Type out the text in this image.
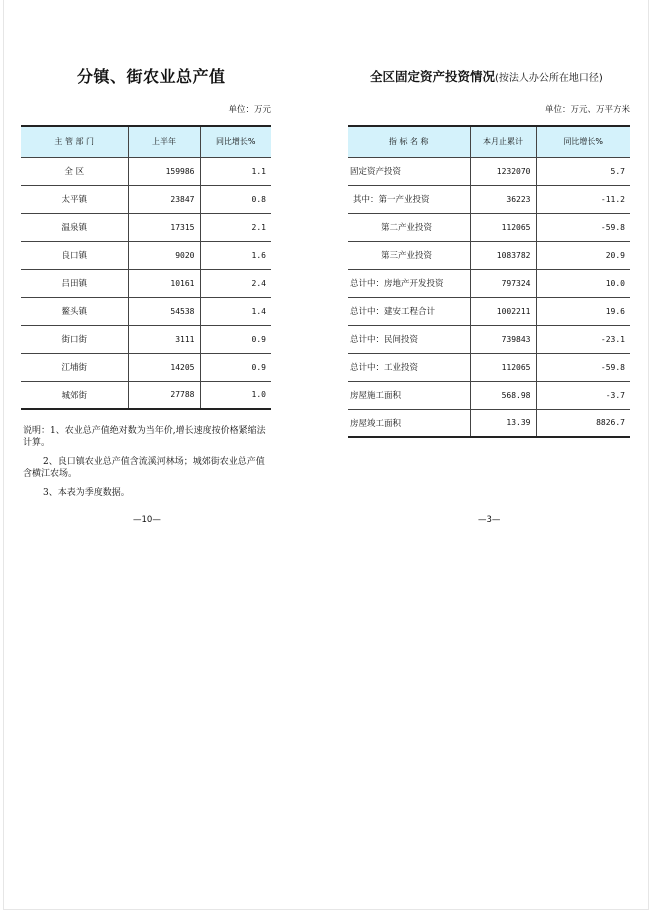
分镇、街农业总产值
单位：万元
主 管 部 门	上半年	同比增长%
全 区	159986	1.1
太平镇	23847	0.8
温泉镇	17315	2.1
良口镇	9020	1.6
吕田镇	10161	2.4
鳌头镇	54538	1.4
街口街	3111	0.9
江埔街	14205	0.9
城郊街	27788	1.0

说明：1、农业总产值绝对数为当年价,增长速度按价格紧缩法计算。

2、良口镇农业总产值含流溪河林场；城郊街农业总产值含横江农场。

3、本表为季度数据。

—10—
全区固定资产投资情况(按法人办公所在地口径)
单位：万元、万平方米
指 标 名 称	本月止累计	同比增长%
固定资产投资	1232070	5.7
其中：第一产业投资	36223	-11.2
第二产业投资	112065	-59.8
第三产业投资	1083782	20.9
总计中：房地产开发投资	797324	10.0
总计中：建安工程合计	1002211	19.6
总计中：民间投资	739843	-23.1
总计中：工业投资	112065	-59.8
房屋施工面积	568.98	-3.7
房屋竣工面积	13.39	8826.7
—3—
